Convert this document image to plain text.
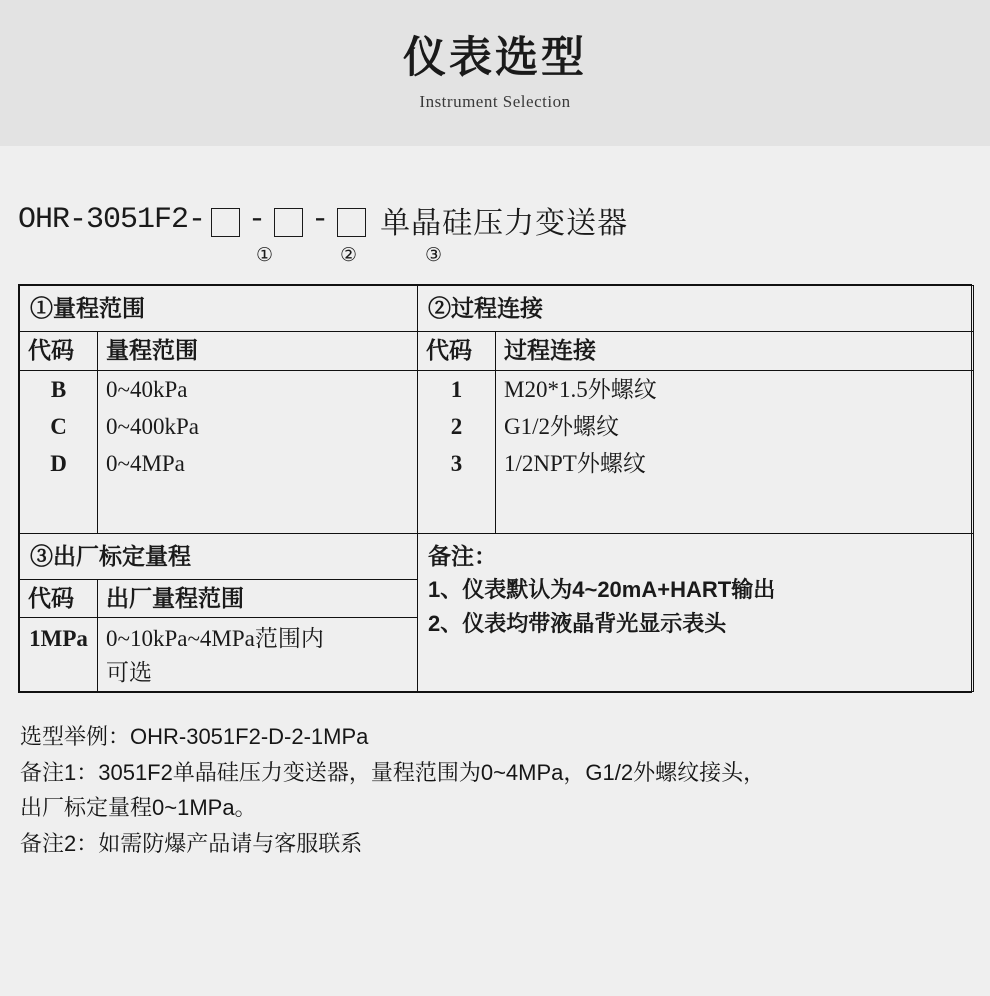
仪表选型
Instrument Selection
OHR-3051F2- - - 单晶硅压力变送器
①	②	③
①量程范围		②过程连接	
代码	量程范围	代码	过程连接
B	0~40kPa	1	M20*1.5外螺纹
C	0~400kPa	2	G1/2外螺纹
D	0~4MPa	3	1/2NPT外螺纹

③出厂标定量程		备注：
1、仪表默认为4~20mA+HART输出
2、仪表均带液晶背光显示表头	

代码	出厂量程范围		
1MPa	0~10kPa~4MPa范围内
可选		
选型举例：OHR-3051F2-D-2-1MPa
备注1：3051F2单晶硅压力变送器，量程范围为0~4MPa，G1/2外螺纹接头，
出厂标定量程0~1MPa。
备注2：如需防爆产品请与客服联系
